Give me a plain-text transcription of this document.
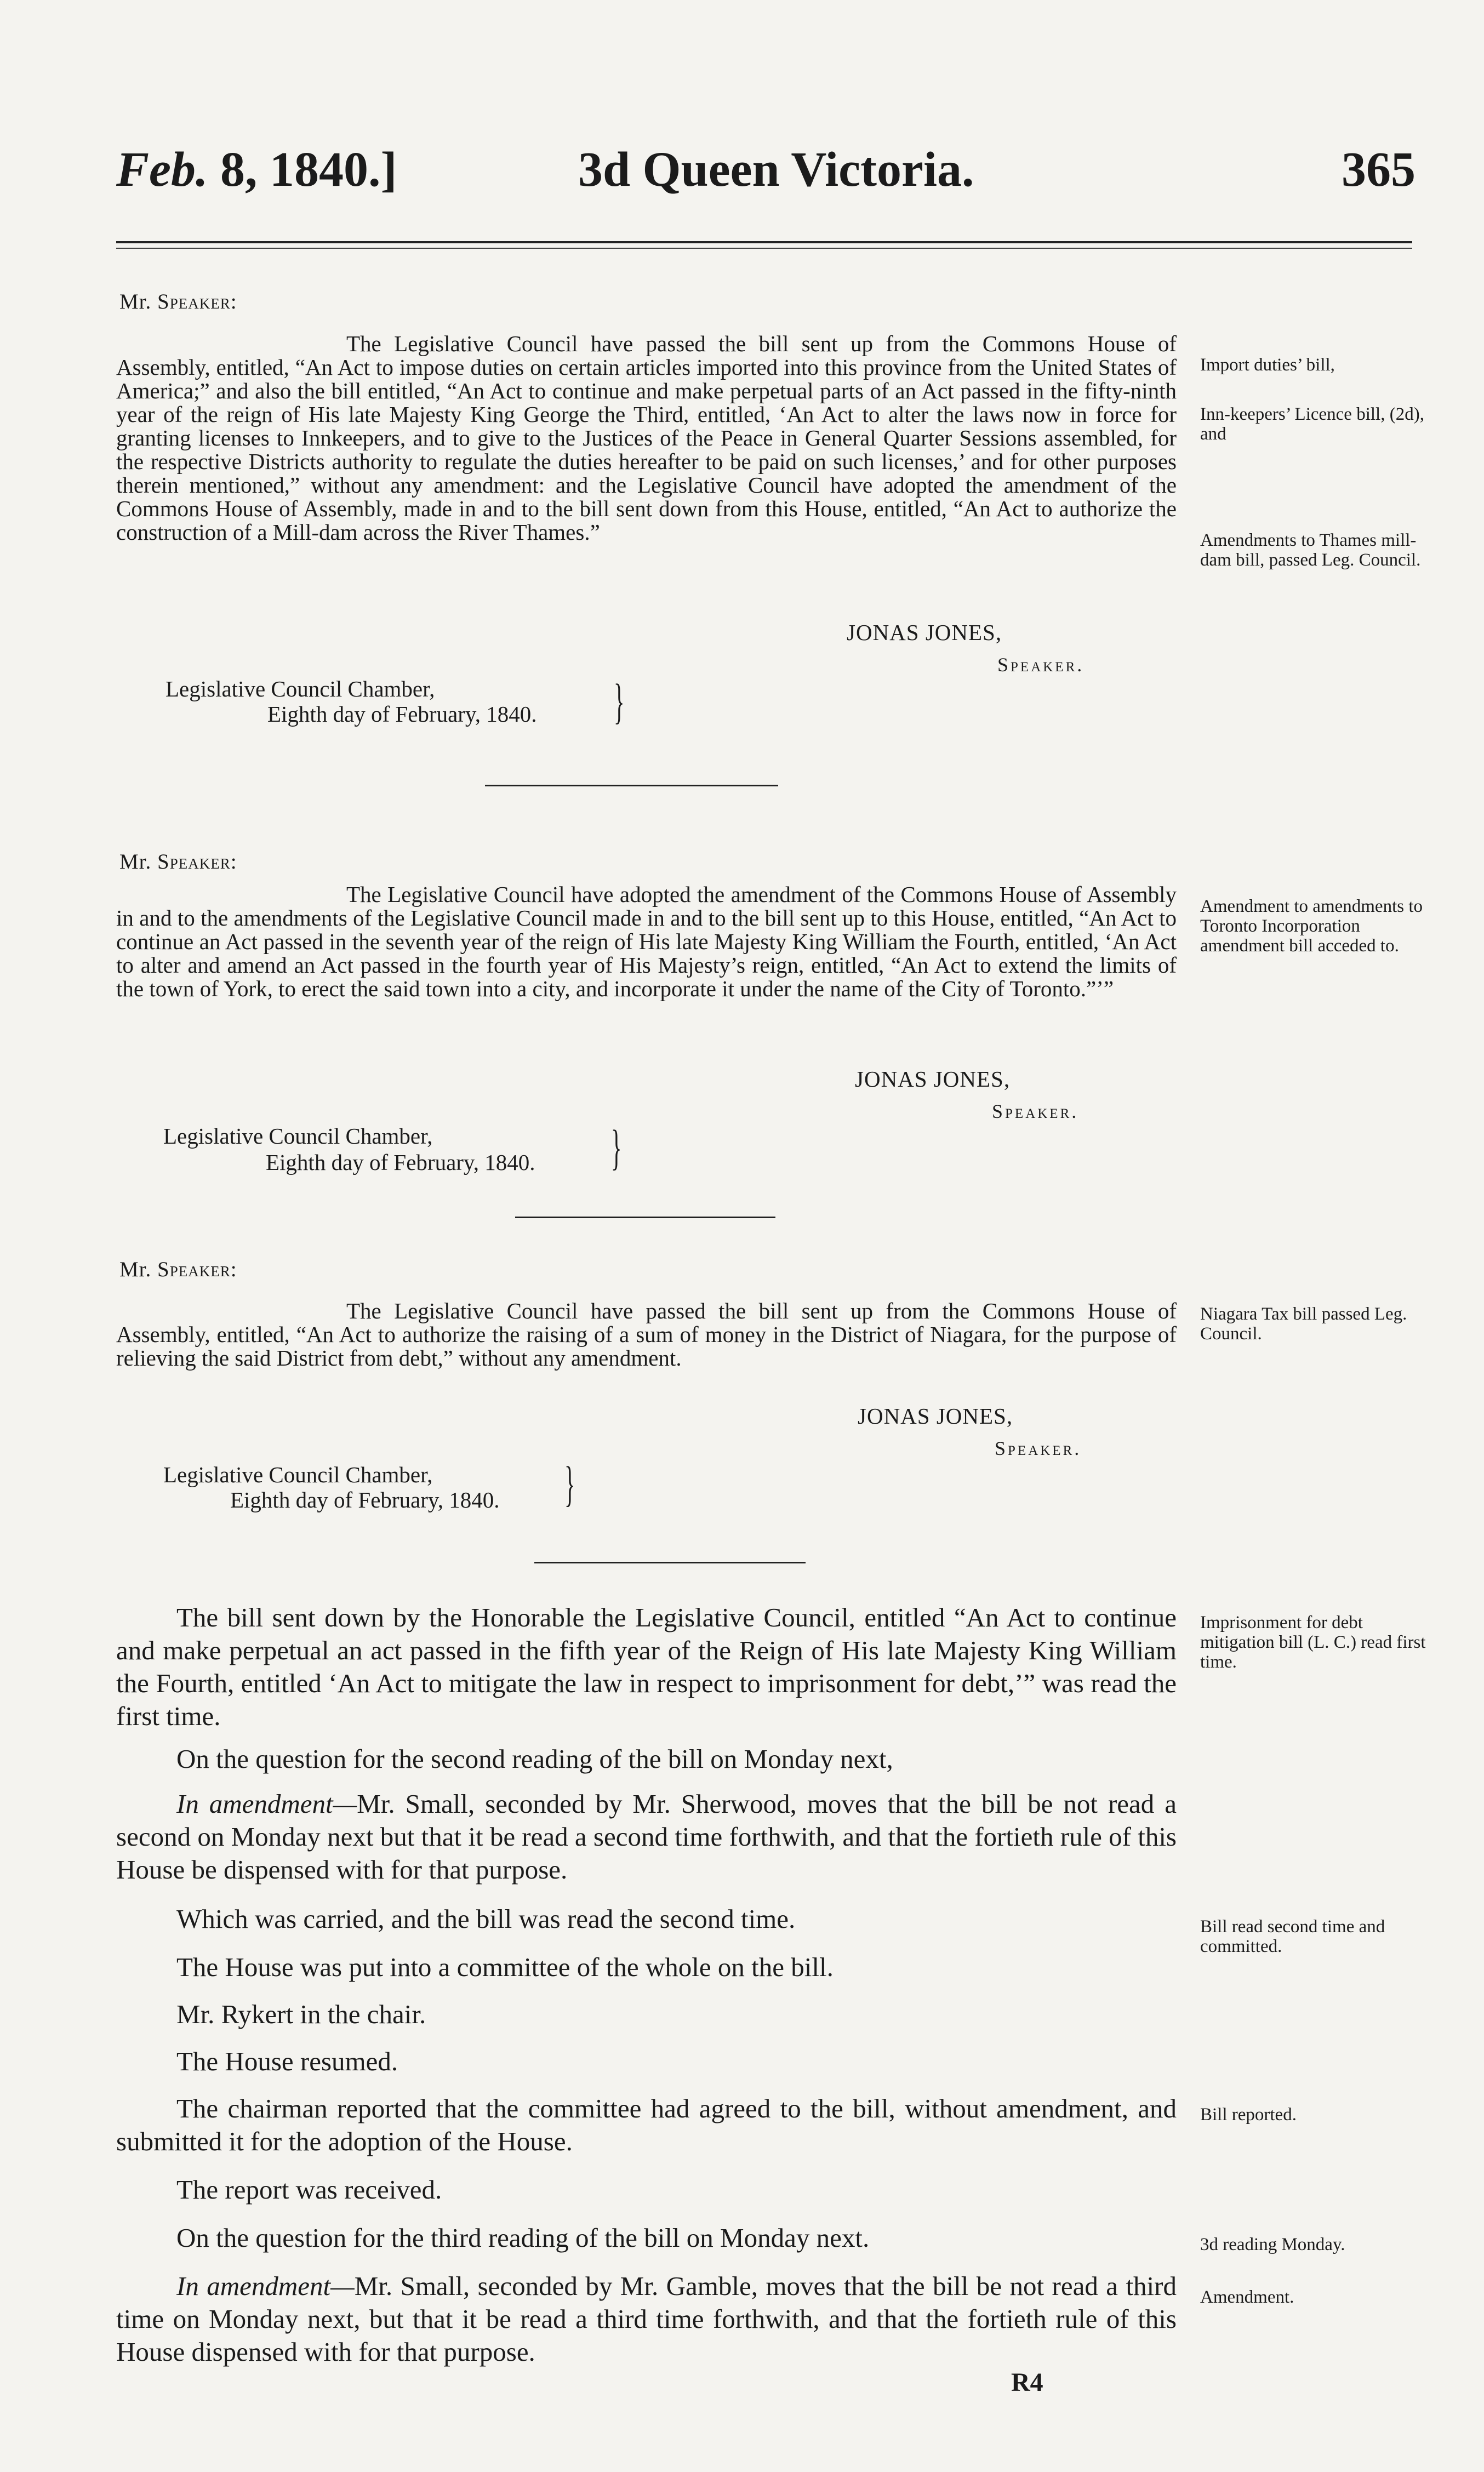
Feb. 8, 1840.]	3d Queen Victoria.	365
Mr. Speaker:
The Legislative Council have passed the bill sent up from the Commons House of Assembly, entitled, “An Act to impose duties on certain articles imported into this province from the United States of America;” and also the bill entitled, “An Act to continue and make perpetual parts of an Act passed in the fifty-ninth year of the reign of His late Majesty King George the Third, entitled, ‘An Act to alter the laws now in force for granting licenses to Innkeepers, and to give to the Justices of the Peace in General Quarter Sessions assembled, for the respective Districts authority to regulate the duties hereafter to be paid on such licenses,’ and for other purposes therein mentioned,” without any amendment: and the Legislative Council have adopted the amendment of the Commons House of Assembly, made in and to the bill sent down from this House, entitled, “An Act to authorize the construction of a Mill-dam across the River Thames.”
JONAS JONES,
Speaker.
Legislative Council Chamber,
Eighth day of February, 1840. }
Mr. Speaker:
The Legislative Council have adopted the amendment of the Commons House of Assembly in and to the amendments of the Legislative Council made in and to the bill sent up to this House, entitled, “An Act to continue an Act passed in the seventh year of the reign of His late Majesty King William the Fourth, entitled, ‘An Act to alter and amend an Act passed in the fourth year of His Majesty’s reign, entitled, “An Act to extend the limits of the town of York, to erect the said town into a city, and incorporate it under the name of the City of Toronto.”’”
JONAS JONES,
Speaker.
Legislative Council Chamber,
Eighth day of February, 1840. }
Mr. Speaker:
The Legislative Council have passed the bill sent up from the Commons House of Assembly, entitled, “An Act to authorize the raising of a sum of money in the District of Niagara, for the purpose of relieving the said District from debt,” without any amendment.
JONAS JONES,
Speaker.
Legislative Council Chamber,
Eighth day of February, 1840. }
The bill sent down by the Honorable the Legislative Council, entitled “An Act to continue and make perpetual an act passed in the fifth year of the Reign of His late Majesty King William the Fourth, entitled ‘An Act to mitigate the law in respect to imprisonment for debt,’” was read the first time.
On the question for the second reading of the bill on Monday next,
In amendment—Mr. Small, seconded by Mr. Sherwood, moves that the bill be not read a second on Monday next but that it be read a second time forthwith, and that the fortieth rule of this House be dispensed with for that purpose.
Which was carried, and the bill was read the second time.
The House was put into a committee of the whole on the bill.
Mr. Rykert in the chair.
The House resumed.
The chairman reported that the committee had agreed to the bill, without amendment, and submitted it for the adoption of the House.
The report was received.
On the question for the third reading of the bill on Monday next.
In amendment—Mr. Small, seconded by Mr. Gamble, moves that the bill be not read a third time on Monday next, but that it be read a third time forthwith, and that the fortieth rule of this House dispensed with for that purpose.
R4
Import duties’ bill,
Inn-keepers’ Licence bill, (2d), and
Amendments to Thames mill-dam bill, passed Leg. Council.
Amendment to amendments to Toronto Incorporation amendment bill acceded to.
Niagara Tax bill passed Leg. Council.
Imprisonment for debt mitigation bill (L. C.) read first time.
Bill read second time and committed.
Bill reported.
3d reading Monday.
Amendment.
